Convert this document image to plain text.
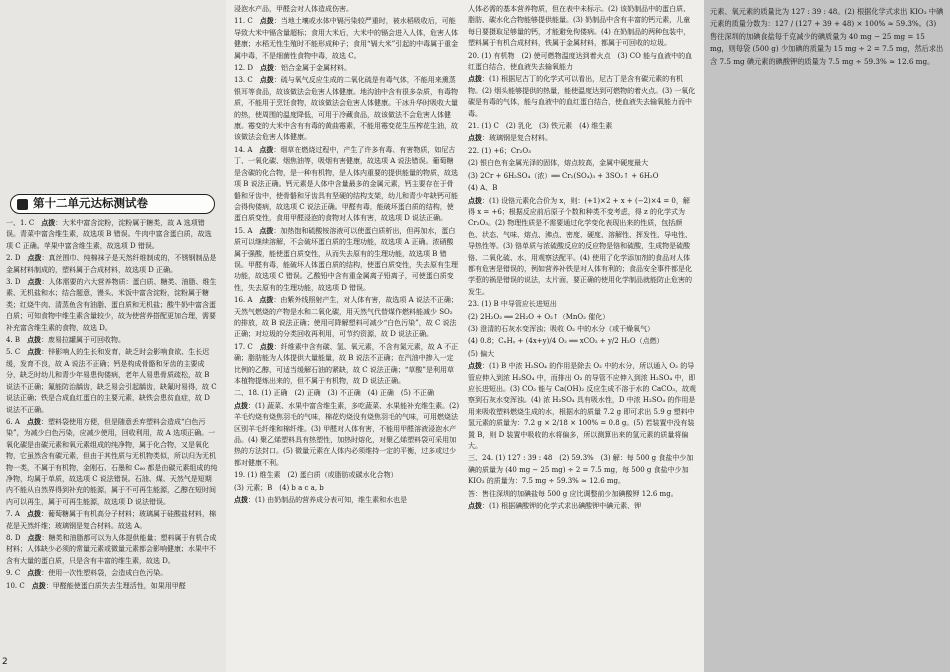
一、1. C　点拨：大米中富含淀粉，淀粉属于糖类，故 A 选项错误。青菜中富含维生素，故选项 B 错误。牛肉中富含蛋白质，故选项 C 正确。苹果中富含维生素，故选项 D 错误。

2. D　点拨：真丝围巾、纯棉袜子是天然纤维制成的，不锈钢制品是金属材料制成的，塑料属于合成材料，故选项 D 正确。

3. D　点拨：人体需要的六大营养物质：蛋白质、糖类、油脂、维生素、无机盐和水；结合题意，馒头、米饭中富含淀粉，淀粉属于糖类；红烧牛肉、清蒸鱼含有油脂、蛋白质和无机盐；酸牛奶中富含蛋白质；可知食物中维生素含量较少，故为使营养搭配更加合理，需要补充富含维生素的食物，故选 D。

4. B　点拨：废易拉罐属于可回收物。

5. C　点拨：锌影响人的生长和发育，缺乏时会影响食欲、生长迟缓，发育不良，故 A 说法不正确；钙是构成骨骼和牙齿的主要成分，缺乏时幼儿和青少年易患佝偻病，老年人易患骨质疏松，故 B 说法不正确；氟能防治龋齿，缺乏易会引起龋齿，缺氟时易得，故 C 说法正确；铁是合成血红蛋白的主要元素，缺铁会患贫血症，故 D 说法不正确。

6. A　点拨：塑料袋使用方便，但是随意丢弃塑料会造成“白色污染”，为减少白色污染，应减少使用，回收利用，故 A 选项正确。一氧化碳是由碳元素和氧元素组成的纯净物，属于化合物，又是氧化物，它虽然含有碳元素，但由于其性质与无机物类似，所以归为无机物一类，不属于有机物，金刚石、石墨和 C₆₀ 都是由碳元素组成的纯净物，均属于单质，故选项 C 说法错误。石油、煤、天然气是短期内不能从自然界得到补充的能源，属于不可再生能源，乙醇在短时间内可以再生，属于可再生能源，故选项 D 说法错误。

7. A　点拨：葡萄糖属于有机高分子材料；玻璃属于硅酸盐材料，棉花是天然纤维；玻璃钢是复合材料。故选 A。

8. D　点拨：糖类和油脂都可以为人体提供能量；塑料属于有机合成材料；人体缺少必须的常量元素或微量元素都会影响健康；水果中不含有大量的蛋白质，只是含有丰富的维生素，故选 D。

9. C　点拨：使用一次性塑料袋，会造成白色污染。

10. C　点拨：甲醛能使蛋白质失去生理活性，如果用甲醛

第十二单元达标测试卷
2

浸泡水产品，甲醛会对人体造成伤害。

11. C　点拨：当地土壤或水体中镉污染较严重时，被水稻吸收后，可能导致大米中镉含量超标；食用大米后，大米中的镉会进入人体，危害人体健康；水稻无性生殖时不能形成种子；食用“镉大米”引起的中毒属于重金属中毒，不是细菌性食物中毒，故选 C。

12. D　点拨：铝合金属于金属材料。

13. C　点拨：硫与氧气反应生成的二氧化硫是有毒气体，不能用来熏蒸银耳等食品，故该做法会危害人体健康。地沟油中含有很多杂质，有毒物质，不能用于烹饪食物，故该做法会危害人体健康。干冰升华时吸收大量的热，使周围的温度降低，可用于冷藏食品，故该做法不会危害人体健康。霉变的大米中含有有毒的黄曲霉素，不能用霉变花生压榨花生油，故该做法会危害人体健康。

14. A　点拨：烟草在燃烧过程中，产生了许多有毒、有害物质，如尼古丁、一氧化碳、烟焦油等，吸烟有害健康，故选项 A 说法错误。葡萄糖是含碳的化合物，是一种有机物，是人体内重要的提供能量的物质，故选项 B 说法正确。钙元素是人体中含量最多的金属元素，钙主要存在于骨骼和牙齿中，使骨骼和牙齿具有坚硬的结构支架，幼儿和青少年缺钙可能会得佝偻病，故选项 C 说法正确。甲醛有毒，能破坏蛋白质的结构，使蛋白质变性，食用甲醛浸泡的食物对人体有害，故选项 D 说法正确。

15. A　点拨：加热饱和硫酸铵溶液可以使蛋白质析出，但再加水，蛋白质可以继续溶解，不会破坏蛋白质的生理功能，故选项 A 正确。浓硝酸属于强酸，能使蛋白质变性，从而失去原有的生理功能，故选项 B 错误。甲醛有毒，能破坏人体蛋白质的结构，使蛋白质变性，失去原有生理功能，故选项 C 错误。乙酸铅中含有重金属离子铅离子，可使蛋白质变性，失去原有的生理功能，故选项 D 错误。

16. A　点拨：由紫外线照射产生，对人体有害，故选项 A 说法不正确；天然气燃烧的产物是水和二氧化碳，用天然气代替煤作燃料能减少 SO₂ 的排放，故 B 说法正确；使用可降解塑料可减少“白色污染”，故 C 说法正确；对垃圾的分类回收再利用，可节约资源，故 D 说法正确。

17. C　点拨：纤维素中含有碳、氢、氧元素，不含有氮元素，故 A 不正确；脂肪能为人体提供大量能量，故 B 说法不正确；在汽油中掺入一定比例的乙醇，可适当缓解石油的紧缺，故 C 说法正确；“草酸”是利用草本植物提炼出来的，但不属于有机物，故 D 说法正确。

二、18. (1) 正确　(2) 正确　(3) 不正确　(4) 正确　(5) 不正确

点拨：(1) 蔬菜、水果中富含维生素，多吃蔬菜、水果能补充维生素。(2) 羊毛灼烧有烧焦羽毛的气味，棉花灼烧没有烧焦羽毛的气味，可用燃烧法区别羊毛纤维和棉纤维。(3) 甲醛对人体有害，不能用甲醛溶液浸泡水产品。(4) 聚乙烯塑料具有热塑性，加热时熔化，对聚乙烯塑料袋可采用加热的方法封口。(5) 微量元素在人体内必须维持一定的平衡，过多或过少都对健康不利。

19. (1) 维生素　(2) 蛋白质（或脂肪或碳水化合物）

(3) 元素；B　(4) b a c a, b

点拨：(1) 由奶制品的营养成分表可知，维生素和水也是

人体必需的基本营养物质，但在表中未标示。(2) 该奶制品中的蛋白质、脂肪、碳水化合物能够提供能量。(3) 奶制品中含有丰富的钙元素，儿童每日要摄取足够量的钙，才能避免佝偻病。(4) 在奶制品的两种包装中，塑料属于有机合成材料，铁属于金属材料，都属于可回收的垃圾。

20. (1) 有机物　(2) 使可燃物温度达到着火点　(3) CO 能与血液中的血红蛋白结合，使血液失去输氧能力

点拨：(1) 根据尼古丁的化学式可以看出，尼古丁是含有碳元素的有机物。(2) 烟头能够提供的热量，能使温度达到可燃物的着火点。(3) 一氧化碳是有毒的气体，能与血液中的血红蛋白结合，使血液失去输氧能力而中毒。

21. (1) C　(2) 乳化　(3) 铁元素　(4) 维生素

点拨：玻璃钢是复合材料。

22. (1) +6；Cr₂O₃

(2) 银白色有金属光泽的固体，熔点较高，金属中硬度最大

(3) 2Cr + 6H₂SO₄（浓）══ Cr₂(SO₄)₃ + 3SO₂↑ + 6H₂O

(4) A、B

点拨：(1) 设铬元素化合价为 x，则：(+1)×2 + x + (−2)×4 = 0，解得 x = +6；根据反应前后原子个数和种类不变考虑，得 z 的化学式为 Cr₂O₃。(2) 物理性质是不需要通过化学变化表现出来的性质，包括颜色、状态、气味、熔点、沸点、密度、硬度、溶解性、挥发性、导电性、导热性等。(3) 铬单质与浓硫酸反应的反应物是铬和硫酸，生成物是硫酸铬、二氧化硫、水，用观察法配平。(4) 使用了化学添加剂的食品对人体都有危害是错误的，例如营养补铁是对人体有利的；食品安全事件都是化学惹的祸是错误的说法，太片面，要正确的使用化学制品就能防止危害的发生。

23. (1) B 中导管应长进短出

(2) 2H₂O₂ ══ 2H₂O + O₂↑（MnO₂ 催化）

(3) 澄清的石灰水变浑浊；吸收 O₂ 中的水分（或干燥氧气）

(4) 0.8；CₓHᵧ + (4x+y)/4 O₂ ══ xCO₂ + y/2 H₂O（点燃）

(5) 偏大

点拨：(1) B 中浓 H₂SO₄ 的作用是除去 O₂ 中的水分，所以通入 O₂ 的导管应伸入到浓 H₂SO₄ 中，而排出 O₂ 的导管不应伸入到浓 H₂SO₄ 中，即应长进短出。(3) CO₂ 能与 Ca(OH)₂ 反应生成不溶于水的 CaCO₃，故观察到石灰水变浑浊。(4) 浓 H₂SO₄ 具有吸水性，D 中浓 H₂SO₄ 的作用是用来吸收塑料燃烧生成的水，根据水的质量 7.2 g 即可求出 5.9 g 塑料中氢元素的质量为：7.2 g × 2/18 × 100% = 0.8 g。(5) 若装置中没有装置 B，则 D 装置中吸收的水将偏多，所以测算出来的氢元素的质量将偏大。

三、24. (1) 127 : 39 : 48　(2) 59.3%　(3) 解：每 500 g 食盐中少加碘的质量为 (40 mg − 25 mg) ÷ 2 = 7.5 mg，每 500 g 食盐中少加 KIO₃ 的质量为：7.5 mg ÷ 59.3% ≈ 12.6 mg。

答：售往深圳的加碘盐每 500 g 应比调整前少加碘酸钾 12.6 mg。

点拨：(1) 根据碘酸钾的化学式求出碘酸钾中碘元素、钾

元素、氧元素的质量比为 127 : 39 : 48。(2) 根据化学式求出 KIO₃ 中碘元素的质量分数为：127 / (127 + 39 + 48) × 100% ≈ 59.3%。(3) 售往深圳的加碘食盐每千克减少的碘质量为 40 mg − 25 mg = 15 mg，则每袋 (500 g) 少加碘的质量为 15 mg ÷ 2 = 7.5 mg，然后求出含 7.5 mg 碘元素的碘酸钾的质量为 7.5 mg ÷ 59.3% ≈ 12.6 mg。
